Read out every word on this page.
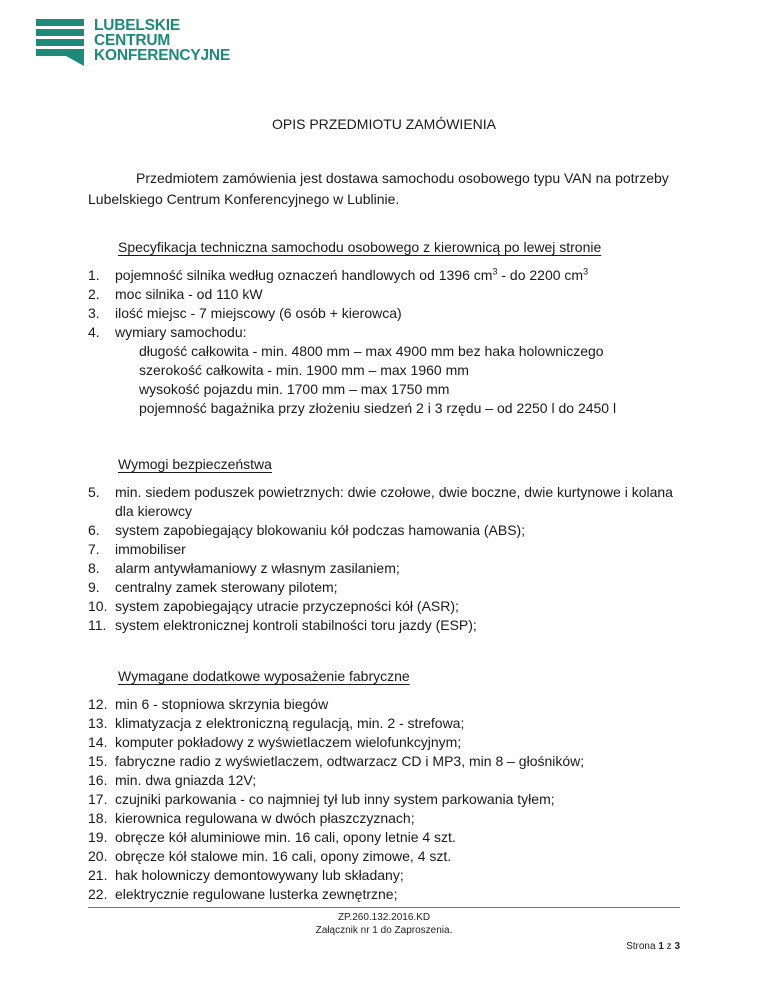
LUBELSKIE
CENTRUM
KONFERENCYJNE
OPIS PRZEDMIOTU ZAMÓWIENIA
Przedmiotem zamówienia jest dostawa samochodu osobowego typu VAN na potrzeby
Lubelskiego Centrum Konferencyjnego w Lublinie.
Specyfikacja techniczna samochodu osobowego z kierownicą po lewej stronie
1. pojemność silnika według oznaczeń handlowych od 1396 $cm^3$ - do 2200 $cm^3$
2. moc silnika - od 110 kW
3. ilość miejsc - 7 miejscowy (6 osób + kierowca)
4. wymiary samochodu:
długość całkowita - min. 4800 mm – max 4900 mm bez haka holowniczego
szerokość całkowita - min. 1900 mm – max 1960 mm
wysokość pojazdu min. 1700 mm – max 1750 mm
pojemność bagażnika przy złożeniu siedzeń 2 i 3 rzędu – od 2250 l do 2450 l
Wymogi bezpieczeństwa
5. min. siedem poduszek powietrznych: dwie czołowe, dwie boczne, dwie kurtynowe i kolana dla kierowcy
6. system zapobiegający blokowaniu kół podczas hamowania (ABS);
7. immobiliser
8. alarm antywłamaniowy z własnym zasilaniem;
9. centralny zamek sterowany pilotem;
10. system zapobiegający utracie przyczepności kół (ASR);
11. system elektronicznej kontroli stabilności toru jazdy (ESP);
Wymagane dodatkowe wyposażenie fabryczne
12. min 6 - stopniowa skrzynia biegów
13. klimatyzacja z elektroniczną regulacją, min. 2 - strefowa;
14. komputer pokładowy z wyświetlaczem wielofunkcyjnym;
15. fabryczne radio z wyświetlaczem, odtwarzacz CD i MP3, min 8 – głośników;
16. min. dwa gniazda 12V;
17. czujniki parkowania - co najmniej tył lub inny system parkowania tyłem;
18. kierownica regulowana w dwóch płaszczyznach;
19. obręcze kół aluminiowe min. 16 cali, opony letnie 4 szt.
20. obręcze kół stalowe min. 16 cali, opony zimowe, 4 szt.
21. hak holowniczy demontowywany lub składany;
22. elektrycznie regulowane lusterka zewnętrzne;
ZP.260.132.2016.KD
Załącznik nr 1 do Zaproszenia.
Strona 1 z 3
